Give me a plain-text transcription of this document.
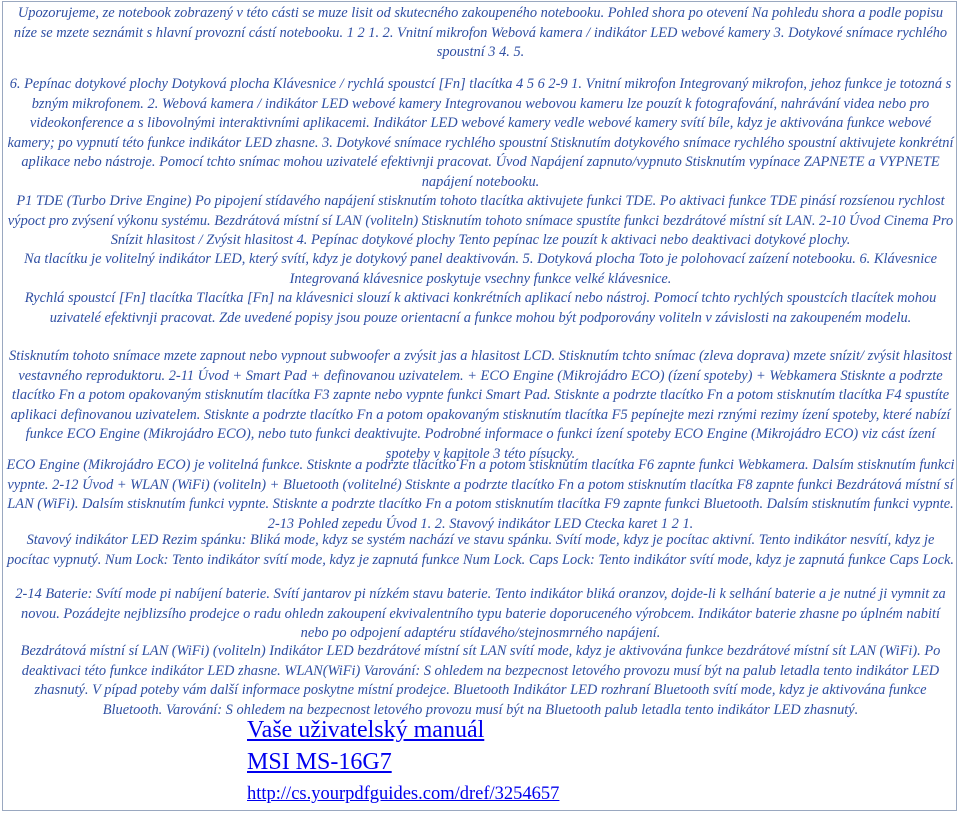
Upozorujeme, ze notebook zobrazený v této cásti se muze lisit od skutecného zakoupeného notebooku. Pohled shora po otevení Na pohledu shora a podle popisu níze se mzete seznámit s hlavní provozní cástí notebooku. 1 2 1. 2. Vnitní mikrofon Webová kamera / indikátor LED webové kamery 3. Dotykové snímace rychlého spoustní 3 4. 5.

6. Pepínac dotykové plochy Dotyková plocha Klávesnice / rychlá spoustcí [Fn] tlacítka 4 5 6 2-9 1. Vnitní mikrofon Integrovaný mikrofon, jehoz funkce je totozná s bzným mikrofonem. 2. Webová kamera / indikátor LED webové kamery Integrovanou webovou kameru lze pouzít k fotografování, nahrávání videa nebo pro videokonference a s libovolnými interaktivními aplikacemi. Indikátor LED webové kamery vedle webové kamery svítí bíle, kdyz je aktivována funkce webové kamery; po vypnutí této funkce indikátor LED zhasne. 3. Dotykové snímace rychlého spoustní Stisknutím dotykového snímace rychlého spoustní aktivujete konkrétní aplikace nebo nástroje. Pomocí tchto snímac mohou uzivatelé efektivnji pracovat. Úvod Napájení zapnuto/vypnuto Stisknutím vypínace ZAPNETE a VYPNETE napájení notebooku.

P1 TDE (Turbo Drive Engine) Po pipojení stídavého napájení stisknutím tohoto tlacítka aktivujete funkci TDE. Po aktivaci funkce TDE pinásí rozsíenou rychlost výpoct pro zvýsení výkonu systému. Bezdrátová místní sí LAN (voliteln) Stisknutím tohoto snímace spustíte funkci bezdrátové místní sít LAN. 2-10 Úvod Cinema Pro Snízit hlasitost / Zvýsit hlasitost 4. Pepínac dotykové plochy Tento pepínac lze pouzít k aktivaci nebo deaktivaci dotykové plochy.

Na tlacítku je volitelný indikátor LED, který svítí, kdyz je dotykový panel deaktivován. 5. Dotyková plocha Toto je polohovací zaízení notebooku. 6. Klávesnice Integrovaná klávesnice poskytuje vsechny funkce velké klávesnice.

Rychlá spoustcí [Fn] tlacítka Tlacítka [Fn] na klávesnici slouzí k aktivaci konkrétních aplikací nebo nástroj. Pomocí tchto rychlých spoustcích tlacítek mohou uzivatelé efektivnji pracovat. Zde uvedené popisy jsou pouze orientacní a funkce mohou být podporovány voliteln v závislosti na zakoupeném modelu.

Stisknutím tohoto snímace mzete zapnout nebo vypnout subwoofer a zvýsit jas a hlasitost LCD. Stisknutím tchto snímac (zleva doprava) mzete snízit/ zvýsit hlasitost vestavného reproduktoru. 2-11 Úvod + Smart Pad + definovanou uzivatelem. + ECO Engine (Mikrojádro ECO) (ízení spoteby) + Webkamera Stisknte a podrzte tlacítko Fn a potom opakovaným stisknutím tlacítka F3 zapnte nebo vypnte funkci Smart Pad. Stisknte a podrzte tlacítko Fn a potom stisknutím tlacítka F4 spustíte aplikaci definovanou uzivatelem. Stisknte a podrzte tlacítko Fn a potom opakovaným stisknutím tlacítka F5 pepínejte mezi rznými rezimy ízení spoteby, které nabízí funkce ECO Engine (Mikrojádro ECO), nebo tuto funkci deaktivujte. Podrobné informace o funkci ízení spoteby ECO Engine (Mikrojádro ECO) viz cást ízení spoteby v kapitole 3 této písucky.

ECO Engine (Mikrojádro ECO) je volitelná funkce. Stisknte a podrzte tlacítko Fn a potom stisknutím tlacítka F6 zapnte funkci Webkamera. Dalsím stisknutím funkci vypnte. 2-12 Úvod + WLAN (WiFi) (voliteln) + Bluetooth (volitelné) Stisknte a podrzte tlacítko Fn a potom stisknutím tlacítka F8 zapnte funkci Bezdrátová místní sí LAN (WiFi). Dalsím stisknutím funkci vypnte. Stisknte a podrzte tlacítko Fn a potom stisknutím tlacítka F9 zapnte funkci Bluetooth. Dalsím stisknutím funkci vypnte. 2-13 Pohled zepedu Úvod 1. 2. Stavový indikátor LED Ctecka karet 1 2 1.

Stavový indikátor LED Rezim spánku: Bliká mode, kdyz se systém nachází ve stavu spánku. Svítí mode, kdyz je pocítac aktivní. Tento indikátor nesvítí, kdyz je pocítac vypnutý. Num Lock: Tento indikátor svítí mode, kdyz je zapnutá funkce Num Lock. Caps Lock: Tento indikátor svítí mode, kdyz je zapnutá funkce Caps Lock.

2-14 Baterie: Svítí mode pi nabíjení baterie. Svítí jantarov pi nízkém stavu baterie. Tento indikátor bliká oranzov, dojde-li k selhání baterie a je nutné ji vymnit za novou. Pozádejte nejblizsího prodejce o radu ohledn zakoupení ekvivalentního typu baterie doporuceného výrobcem. Indikátor baterie zhasne po úplném nabití nebo po odpojení adaptéru stídavého/stejnosmrného napájení.

Bezdrátová místní sí LAN (WiFi) (voliteln) Indikátor LED bezdrátové místní sít LAN svítí mode, kdyz je aktivována funkce bezdrátové místní sít LAN (WiFi). Po deaktivaci této funkce indikátor LED zhasne. WLAN(WiFi) Varování: S ohledem na bezpecnost letového provozu musí být na palub letadla tento indikátor LED zhasnutý. V pípad poteby vám další informace poskytne místní prodejce. Bluetooth Indikátor LED rozhraní Bluetooth svítí mode, kdyz je aktivována funkce Bluetooth. Varování: S ohledem na bezpecnost letového provozu musí být na Bluetooth palub letadla tento indikátor LED zhasnutý.

Vaše uživatelský manuál
MSI MS-16G7
http://cs.yourpdfguides.com/dref/3254657
